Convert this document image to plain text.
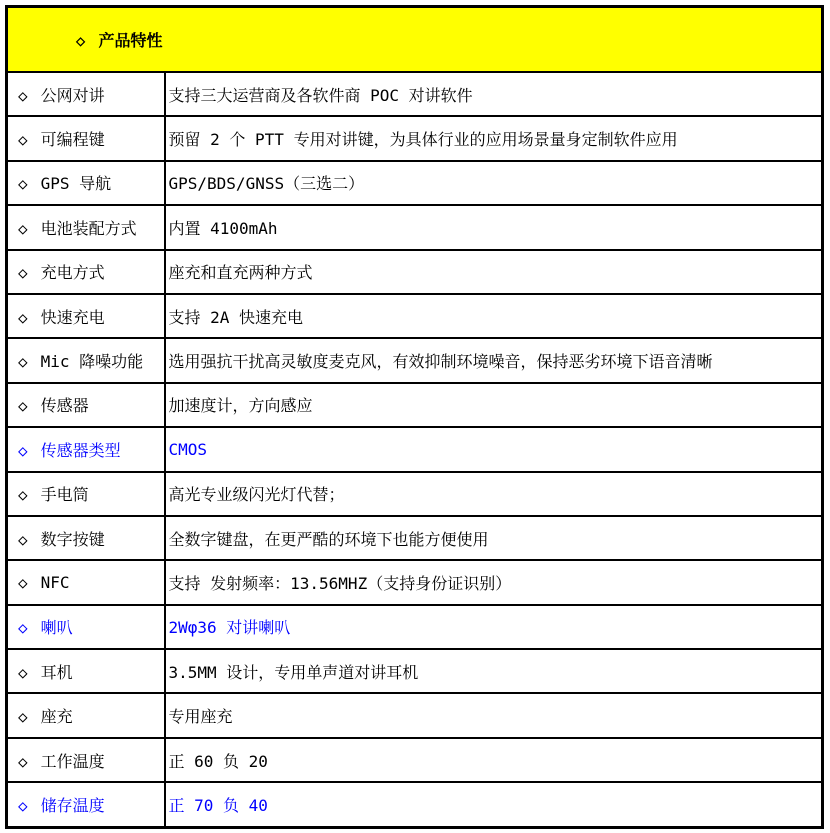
◇ 产品特性	

◇ 公网对讲	支持三大运营商及各软件商 POC 对讲软件
◇ 可编程键	预留 2 个 PTT 专用对讲键，为具体行业的应用场景量身定制软件应用
◇ GPS 导航	GPS/BDS/GNSS（三选二）
◇ 电池装配方式	内置 4100mAh
◇ 充电方式	座充和直充两种方式
◇ 快速充电	支持 2A 快速充电
◇ Mic 降噪功能	选用强抗干扰高灵敏度麦克风，有效抑制环境噪音，保持恶劣环境下语音清晰
◇ 传感器	加速度计，方向感应
◇ 传感器类型	CMOS
◇ 手电筒	高光专业级闪光灯代替；
◇ 数字按键	全数字键盘，在更严酷的环境下也能方便使用
◇ NFC	支持 发射频率：13.56MHZ（支持身份证识别）
◇ 喇叭	2Wφ36 对讲喇叭
◇ 耳机	3.5MM 设计，专用单声道对讲耳机
◇ 座充	专用座充
◇ 工作温度	正 60 负 20
◇ 储存温度	正 70 负 40
